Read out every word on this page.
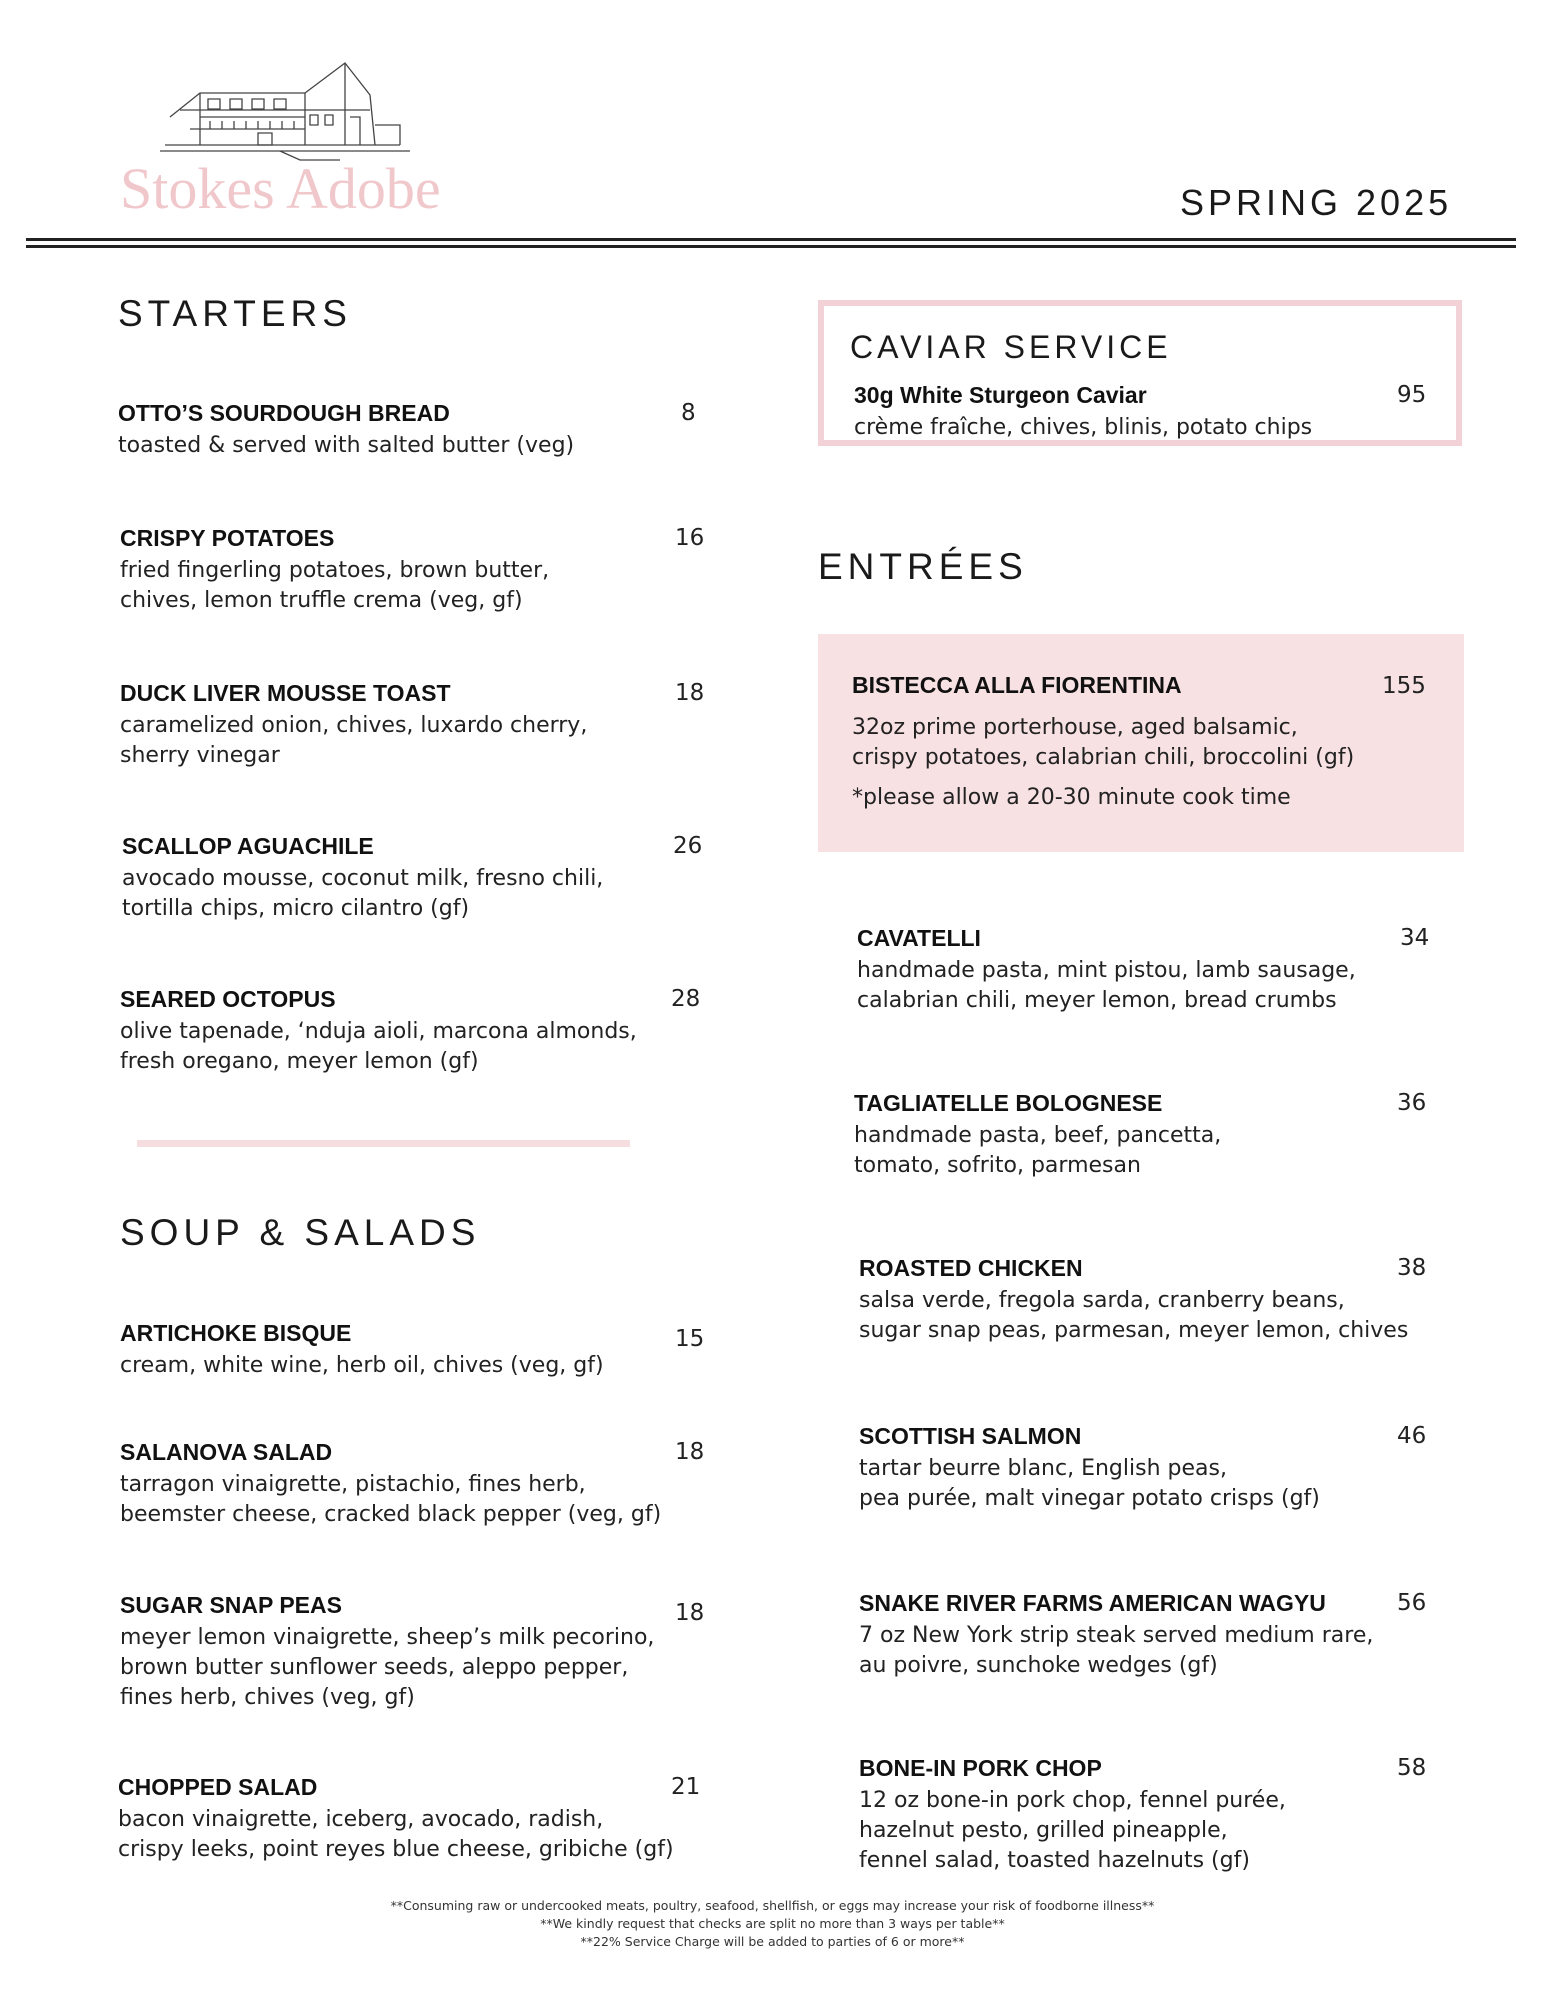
Stokes Adobe	SPRING 2025
STARTERS
OTTO’S SOURDOUGH BREAD
toasted & served with salted butter (veg)
8
CRISPY POTATOES
fried fingerling potatoes, brown butter,
chives, lemon truffle crema (veg, gf)
16
DUCK LIVER MOUSSE TOAST
caramelized onion, chives, luxardo cherry,
sherry vinegar
18
SCALLOP AGUACHILE
avocado mousse, coconut milk, fresno chili,
tortilla chips, micro cilantro (gf)
26
SEARED OCTOPUS
olive tapenade, ‘nduja aioli, marcona almonds,
fresh oregano, meyer lemon (gf)
28
SOUP & SALADS
ARTICHOKE BISQUE
cream, white wine, herb oil, chives (veg, gf)
15
SALANOVA SALAD
tarragon vinaigrette, pistachio, fines herb,
beemster cheese, cracked black pepper (veg, gf)
18
SUGAR SNAP PEAS
meyer lemon vinaigrette, sheep’s milk pecorino,
brown butter sunflower seeds, aleppo pepper,
fines herb, chives (veg, gf)
18
CHOPPED SALAD
bacon vinaigrette, iceberg, avocado, radish,
crispy leeks, point reyes blue cheese, gribiche (gf)
21
CAVIAR SERVICE
30g White Sturgeon Caviar
crème fraîche, chives, blinis, potato chips
95
ENTRÉES
BISTECCA ALLA FIORENTINA
32oz prime porterhouse, aged balsamic,
crispy potatoes, calabrian chili, broccolini (gf)
*please allow a 20-30 minute cook time
155
CAVATELLI
handmade pasta, mint pistou, lamb sausage,
calabrian chili, meyer lemon, bread crumbs
34
TAGLIATELLE BOLOGNESE
handmade pasta, beef, pancetta,
tomato, sofrito, parmesan
36
ROASTED CHICKEN
salsa verde, fregola sarda, cranberry beans,
sugar snap peas, parmesan, meyer lemon, chives
38
SCOTTISH SALMON
tartar beurre blanc, English peas,
pea purée, malt vinegar potato crisps (gf)
46
SNAKE RIVER FARMS AMERICAN WAGYU
7 oz New York strip steak served medium rare,
au poivre, sunchoke wedges (gf)
56
BONE-IN PORK CHOP
12 oz bone-in pork chop, fennel purée,
hazelnut pesto, grilled pineapple,
fennel salad, toasted hazelnuts (gf)
58
**Consuming raw or undercooked meats, poultry, seafood, shellfish, or eggs may increase your risk of foodborne illness**
**We kindly request that checks are split no more than 3 ways per table**
**22% Service Charge will be added to parties of 6 or more**
